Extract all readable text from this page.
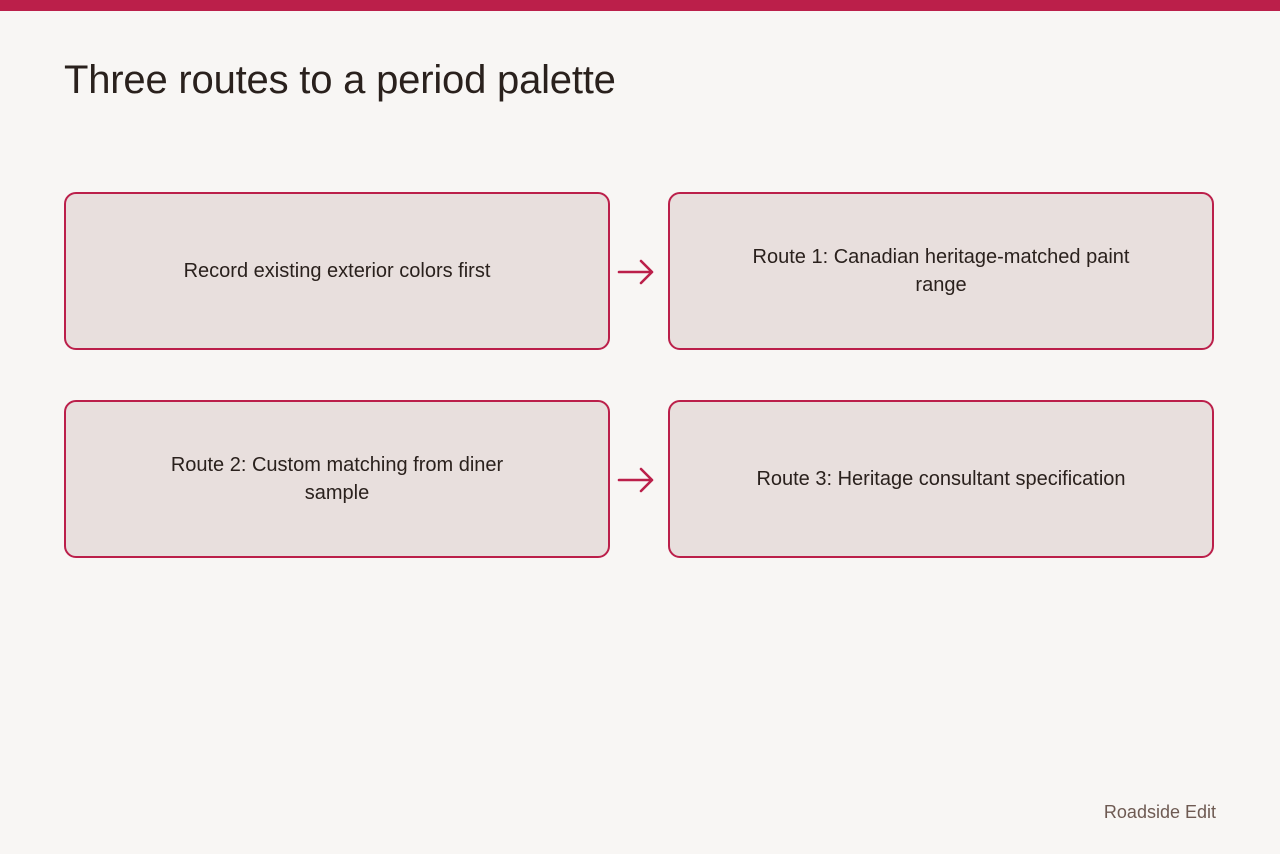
Three routes to a period palette
Record existing exterior colors first
Route 1: Canadian heritage-matched paint range
Route 2: Custom matching from diner sample
Route 3: Heritage consultant specification
Roadside Edit
